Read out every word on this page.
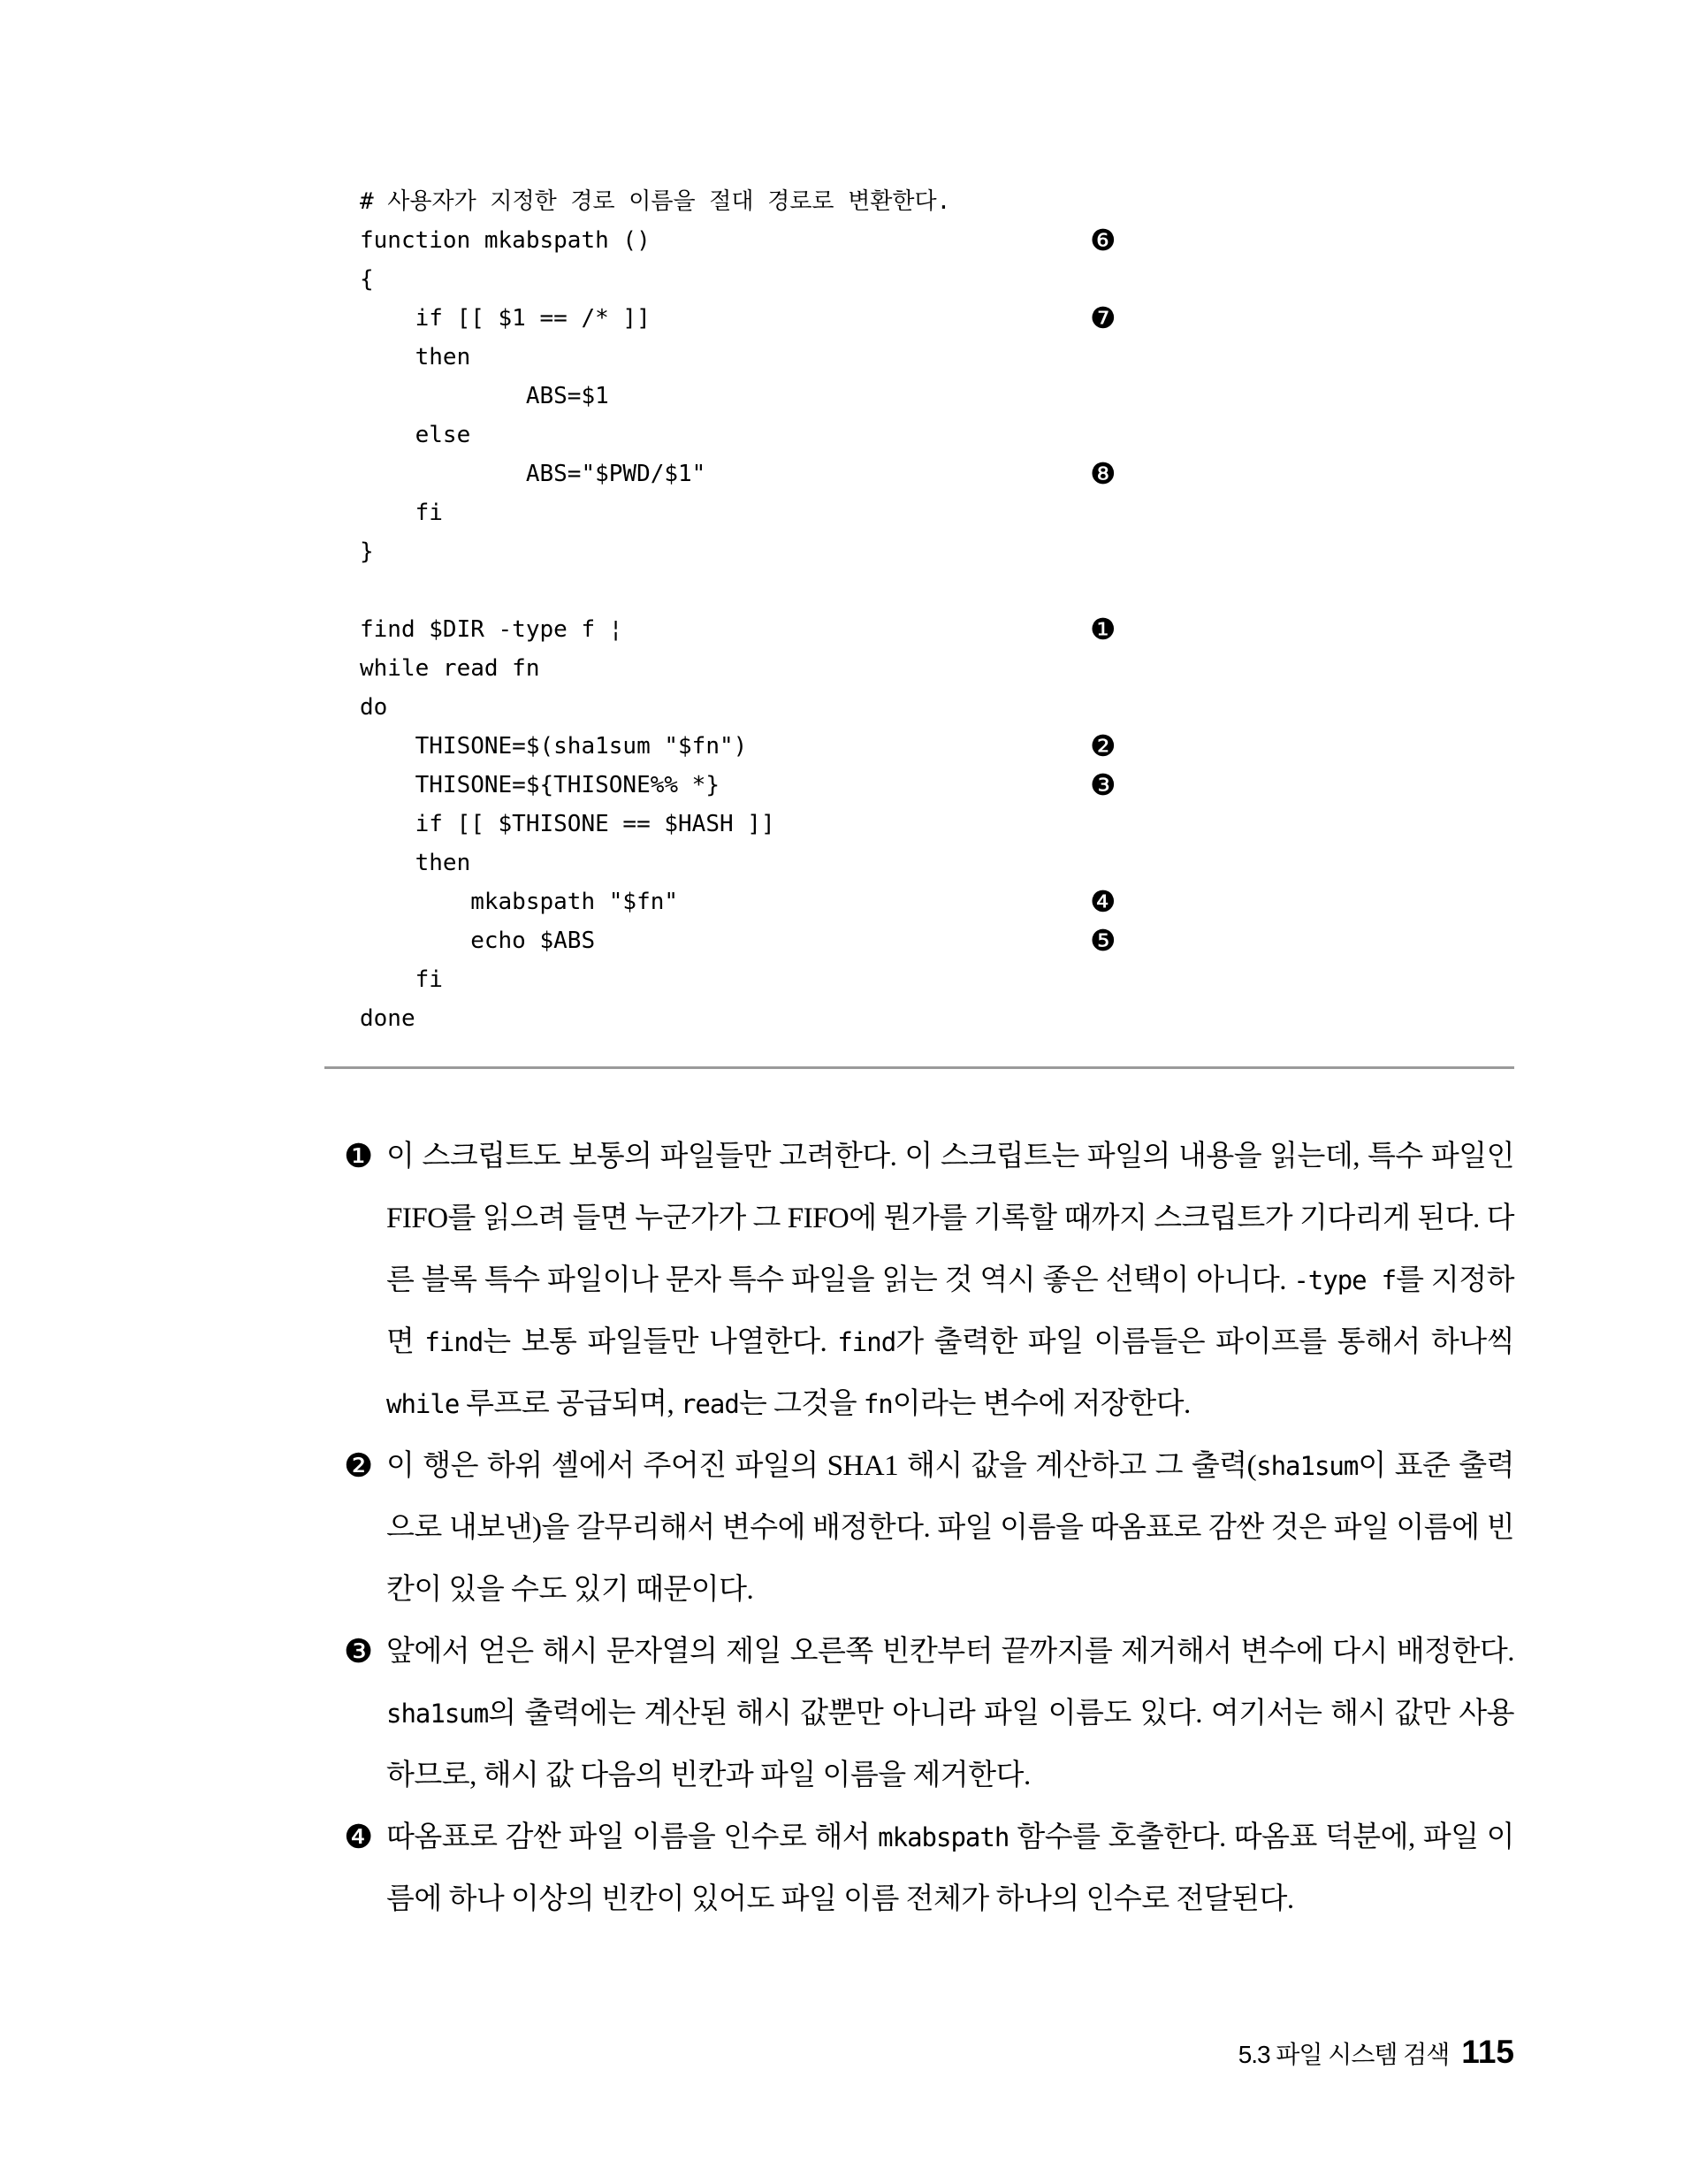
# 사용자가 지정한 경로 이름을 절대 경로로 변환한다.
function mkabspath ()	❻
{
if [[ $1 == /* ]]	❼
then
ABS=$1
else
ABS="$PWD/$1"	❽
fi
}

find $DIR -type f ¦	❶
while read fn
do
THISONE=$(sha1sum "$fn")	❷
THISONE=${THISONE%% *}	❸
if [[ $THISONE == $HASH ]]
then
mkabspath "$fn"	❹
echo $ABS	❺
fi
done
❶ 이 스크립트도 보통의 파일들만 고려한다. 이 스크립트는 파일의 내용을 읽는데, 특수 파일인 FIFO를 읽으려 들면 누군가가 그 FIFO에 뭔가를 기록할 때까지 스크립트가 기다리게 된다. 다른 블록 특수 파일이나 문자 특수 파일을 읽는 것 역시 좋은 선택이 아니다. -type f를 지정하면 find는 보통 파일들만 나열한다. find가 출력한 파일 이름들은 파이프를 통해서 하나씩 while 루프로 공급되며, read는 그것을 fn이라는 변수에 저장한다.
❷ 이 행은 하위 셸에서 주어진 파일의 SHA1 해시 값을 계산하고 그 출력(sha1sum이 표준 출력으로 내보낸)을 갈무리해서 변수에 배정한다. 파일 이름을 따옴표로 감싼 것은 파일 이름에 빈칸이 있을 수도 있기 때문이다.
❸ 앞에서 얻은 해시 문자열의 제일 오른쪽 빈칸부터 끝까지를 제거해서 변수에 다시 배정한다. sha1sum의 출력에는 계산된 해시 값뿐만 아니라 파일 이름도 있다. 여기서는 해시 값만 사용하므로, 해시 값 다음의 빈칸과 파일 이름을 제거한다.
❹ 따옴표로 감싼 파일 이름을 인수로 해서 mkabspath 함수를 호출한다. 따옴표 덕분에, 파일 이름에 하나 이상의 빈칸이 있어도 파일 이름 전체가 하나의 인수로 전달된다.
5.3 파일 시스템 검색 115
